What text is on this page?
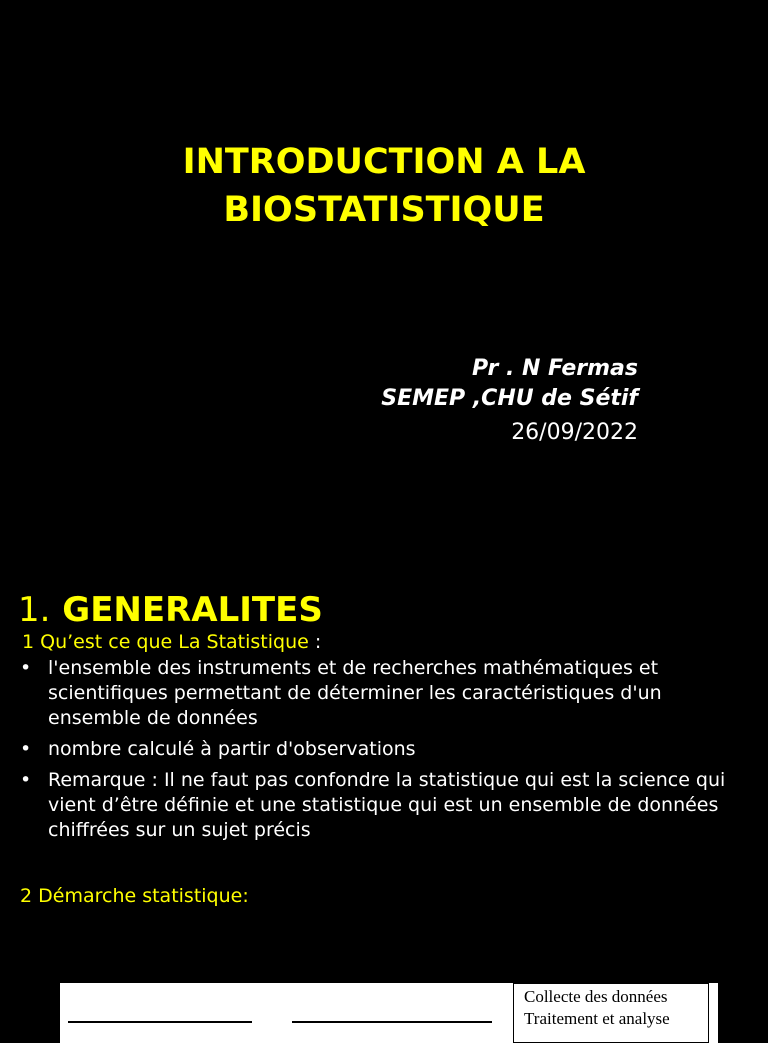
INTRODUCTION A LA
BIOSTATISTIQUE
Pr . N Fermas
SEMEP ,CHU de Sétif
26/09/2022
1. GENERALITES
1 Qu’est ce que La Statistique :
• l'ensemble des instruments et de recherches mathématiques et scientifiques permettant de déterminer les caractéristiques d'un ensemble de données
• nombre calculé à partir d'observations
• Remarque : Il ne faut pas confondre la statistique qui est la science qui vient d’être définie et une statistique qui est un ensemble de données chiffrées sur un sujet précis
2 Démarche statistique:
Collecte des données
Traitement et analyse
